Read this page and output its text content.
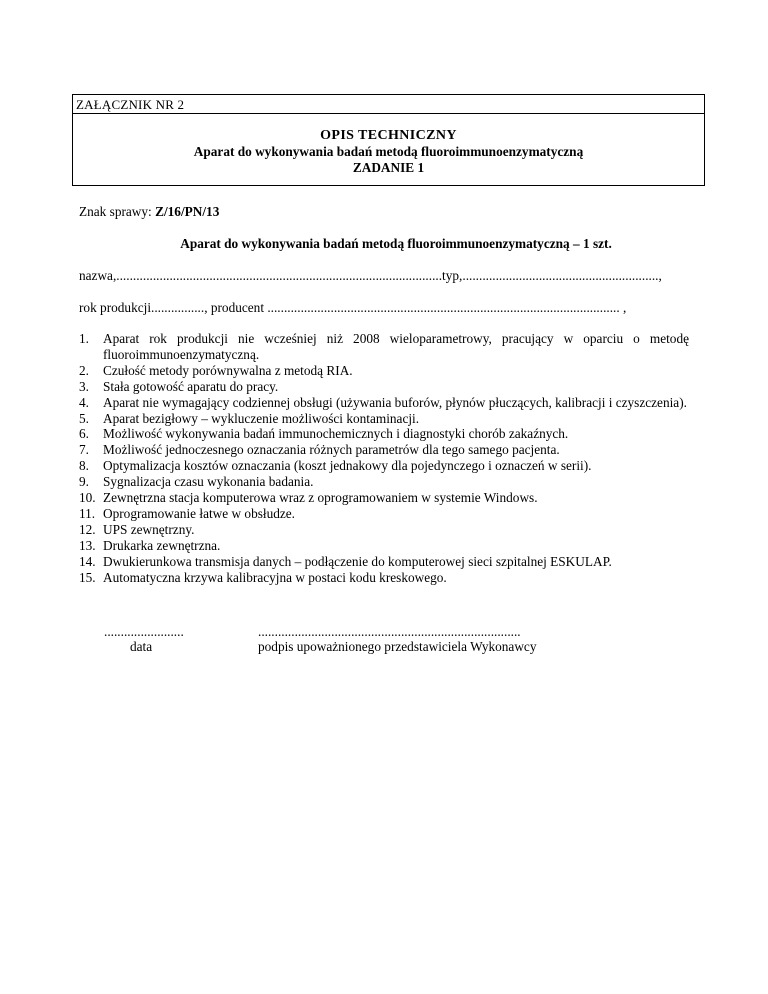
ZAŁĄCZNIK NR 2
OPIS TECHNICZNY
Aparat do wykonywania badań metodą fluoroimmunoenzymatyczną
ZADANIE 1
Znak sprawy: Z/16/PN/13
Aparat do wykonywania badań metodą fluoroimmunoenzymatyczną – 1 szt.
nazwa,..................................................................................................typ,...........................................................,
rok produkcji................, producent .......................................................................................................... ,
1. Aparat rok produkcji nie wcześniej niż 2008 wieloparametrowy, pracujący w oparciu o metodę fluoroimmunoenzymatyczną.
2. Czułość metody porównywalna z metodą RIA.
3. Stała gotowość aparatu do pracy.
4. Aparat nie wymagający codziennej obsługi (używania buforów, płynów płuczących, kalibracji i czyszczenia).
5. Aparat bezigłowy – wykluczenie możliwości kontaminacji.
6. Możliwość wykonywania badań immunochemicznych i diagnostyki chorób zakaźnych.
7. Możliwość jednoczesnego oznaczania różnych parametrów dla tego samego pacjenta.
8. Optymalizacja kosztów oznaczania (koszt jednakowy dla pojedynczego i oznaczeń w serii).
9. Sygnalizacja czasu wykonania badania.
10. Zewnętrzna stacja komputerowa wraz z oprogramowaniem w systemie Windows.
11. Oprogramowanie łatwe w obsłudze.
12. UPS zewnętrzny.
13. Drukarka zewnętrzna.
14. Dwukierunkowa transmisja danych – podłączenie do komputerowej sieci szpitalnej ESKULAP.
15. Automatyczna krzywa kalibracyjna w postaci kodu kreskowego.
........................
data
...............................................................................
podpis upoważnionego przedstawiciela Wykonawcy
